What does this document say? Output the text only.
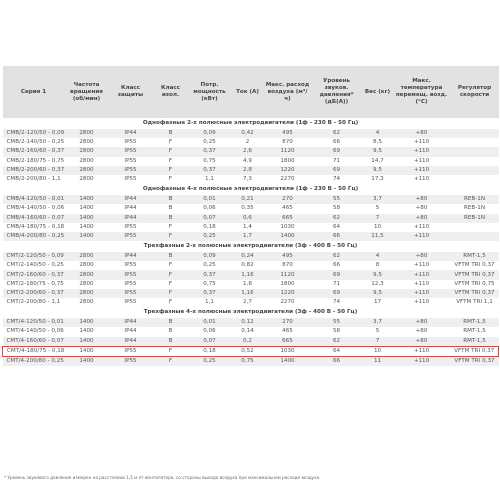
Серия 1	Частота вращения (об/мин)	Класс защиты	Класс изол.	Потр. мощность (кВт)	Ток (А)	Макс. расход воздуха (м³/ч)	Уровень звуков. давления* (дБ(А))	Вес (кг)	Макс. температура перемещ. возд. (°C)	Регулятор скорости
Однофазные 2-х полюсные электродвигатели (1ф - 230 В - 50 Гц)										
CMB/2-120/50 - 0,09	2800	IP44	B	0,09	0,42	495	62	4	+80	
CMB/2-140/50 - 0,25	2800	IP55	F	0,25	2	870	66	8,5	+110	
CMB/2-160/60 - 0,37	2800	IP55	F	0,37	2,6	1120	69	9,5	+110	
CMB/2-180/75 - 0,75	2800	IP55	F	0,75	4,9	1800	71	14,7	+110	
CMB/2-200/60 - 0,37	2800	IP55	F	0,37	2,8	1220	69	9,5	+110	
CMB/2-200/80 - 1,1	2800	IP55	F	1,1	7,3	2270	74	17,3	+110	
Однофазные 4-х полюсные электродвигатели (1ф - 230 В - 50 Гц)										
CMB/4-120/50 - 0,01	1400	IP44	B	0,01	0,21	270	55	3,7	+80	REB-1N
CMB/4-140/50 - 0,06	1400	IP44	B	0,06	0,35	465	58	5	+80	REB-1N
CMB/4-160/60 - 0,07	1400	IP44	B	0,07	0,6	665	62	7	+80	REB-1N
CMB/4-180/75 - 0,18	1400	IP55	F	0,18	1,4	1030	64	10	+110	
CMB/4-200/80 - 0,25	1400	IP55	F	0,25	1,7	1400	66	11,5	+110	
Трехфазные 2-х полюсные электродвигатели (3ф - 400 В - 50 Гц)										
CMT/2-120/50 - 0,09	2800	IP44	B	0,09	0,24	495	62	4	+80	RMT-1,5
CMT/2-140/50 - 0,25	2800	IP55	F	0,25	0,82	870	66	8	+110	VFTM TRI 0,37
CMT/2-160/60 - 0,37	2800	IP55	F	0,37	1,16	1120	69	9,5	+110	VFTM TRI 0,37
CMT/2-180/75 - 0,75	2800	IP55	F	0,75	1,8	1800	71	12,3	+110	VFTM TRI 0,75
CMT/2-200/60 - 0,37	2800	IP55	F	0,37	1,16	1220	69	9,5	+110	VFTM TRI 0,37
CMT/2-200/80 - 1,1	2800	IP55	F	1,1	2,7	2270	74	17	+110	VFTM TRI 1,1
Трехфазные 4-х полюсные электродвигатели (3ф - 400 В - 50 Гц)										
CMT/4-120/50 - 0,01	1400	IP44	B	0,01	0,12	270	55	3,7	+80	RMT-1,5
CMT/4-140/50 - 0,06	1400	IP44	B	0,06	0,14	465	58	5	+80	RMT-1,5
CMT/4-160/60 - 0,07	1400	IP44	B	0,07	0,2	665	62	7	+80	RMT-1,5
CMT/4-180/75 - 0,18	1400	IP55	F	0,18	0,52	1030	64	10	+110	VFTM TRI 0,37
CMT/4-200/80 - 0,25	1400	IP55	F	0,25	0,75	1400	66	11	+110	VFTM TRI 0,37
* Уровень звукового давления измерен на расстоянии 1,5 м от вентилятора, со стороны выхода воздуха при максимальном расходе воздуха.
